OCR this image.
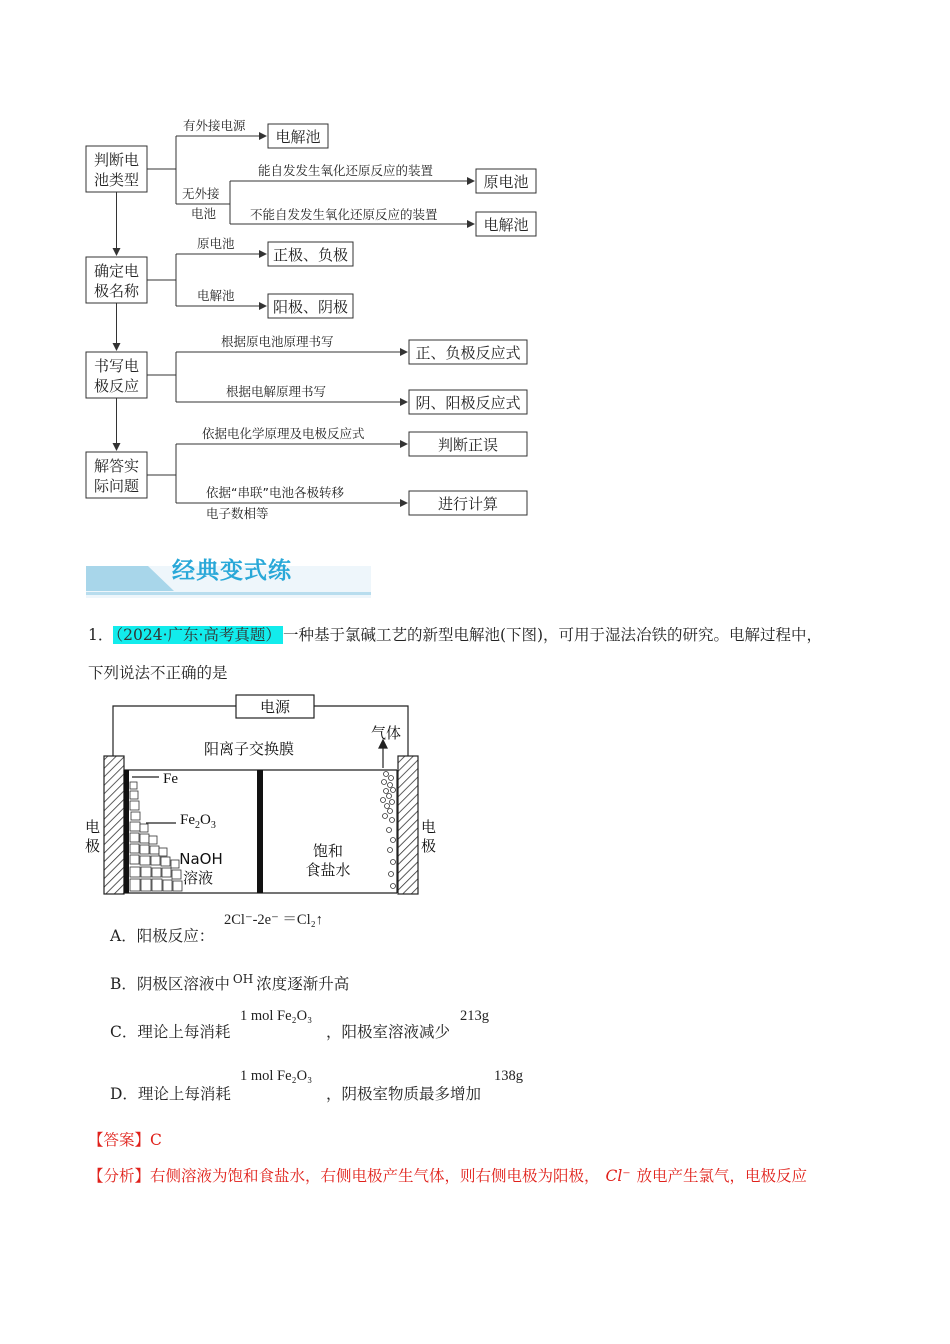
判断电
池类型
确定电
极名称
书写电
极反应
解答实
际问题
有外接电源
无外接
电池
能自发发生氧化还原反应的装置
不能自发发生氧化还原反应的装置
原电池
电解池
根据原电池原理书写
根据电解原理书写
依据电化学原理及电极反应式
依据“串联”电池各极转移
电子数相等
电解池
原电池
电解池
正极、负极
阳极、阴极
正、负极反应式
阴、阳极反应式
判断正误
进行计算
经典变式练
1． （2024·广东·高考真题） 一种基于氯碱工艺的新型电解池(下图)，可用于湿法冶铁的研究。电解过程中，
下列说法不正确的是
电源
阳离子交换膜
气体
Fe
$Fe_2O_3$
电
极
电
极
NaOH
溶液
饱和
食盐水
A．阳极反应：
2Cl⁻-2e⁻ ＝Cl₂↑
B．阴极区溶液中 $^{OH}$ 浓度逐渐升高
C．理论上每消耗
1 mol Fe₂O₃
，阳极室溶液减少
213g
D．理论上每消耗
1 mol Fe₂O₃
，阴极室物质最多增加
138g
【答案】C
【分析】右侧溶液为饱和食盐水，右侧电极产生气体，则右侧电极为阳极， Cl⁻ 放电产生氯气，电极反应
